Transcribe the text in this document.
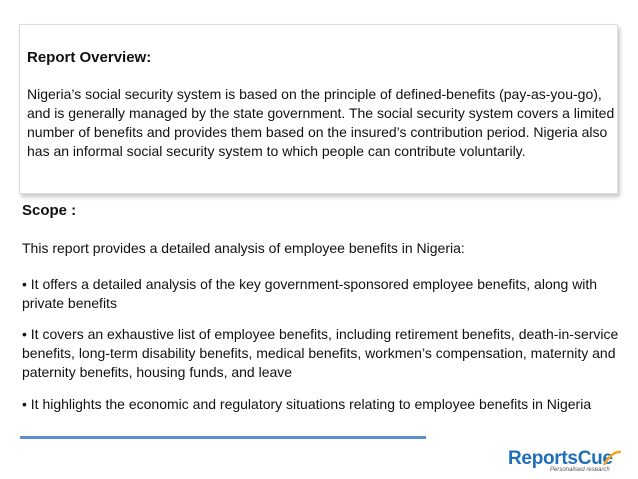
Report Overview:
Nigeria’s social security system is based on the principle of defined-benefits (pay-as-you-go), and is generally managed by the state government. The social security system covers a limited number of benefits and provides them based on the insured’s contribution period. Nigeria also has an informal social security system to which people can contribute voluntarily.
Scope :
This report provides a detailed analysis of employee benefits in Nigeria:
• It offers a detailed analysis of the key government-sponsored employee benefits, along with private benefits
• It covers an exhaustive list of employee benefits, including retirement benefits, death-in-service benefits, long-term disability benefits, medical benefits, workmen’s compensation, maternity and paternity benefits, housing funds, and leave
• It highlights the economic and regulatory situations relating to employee benefits in Nigeria
ReportsCue
Personalised research
